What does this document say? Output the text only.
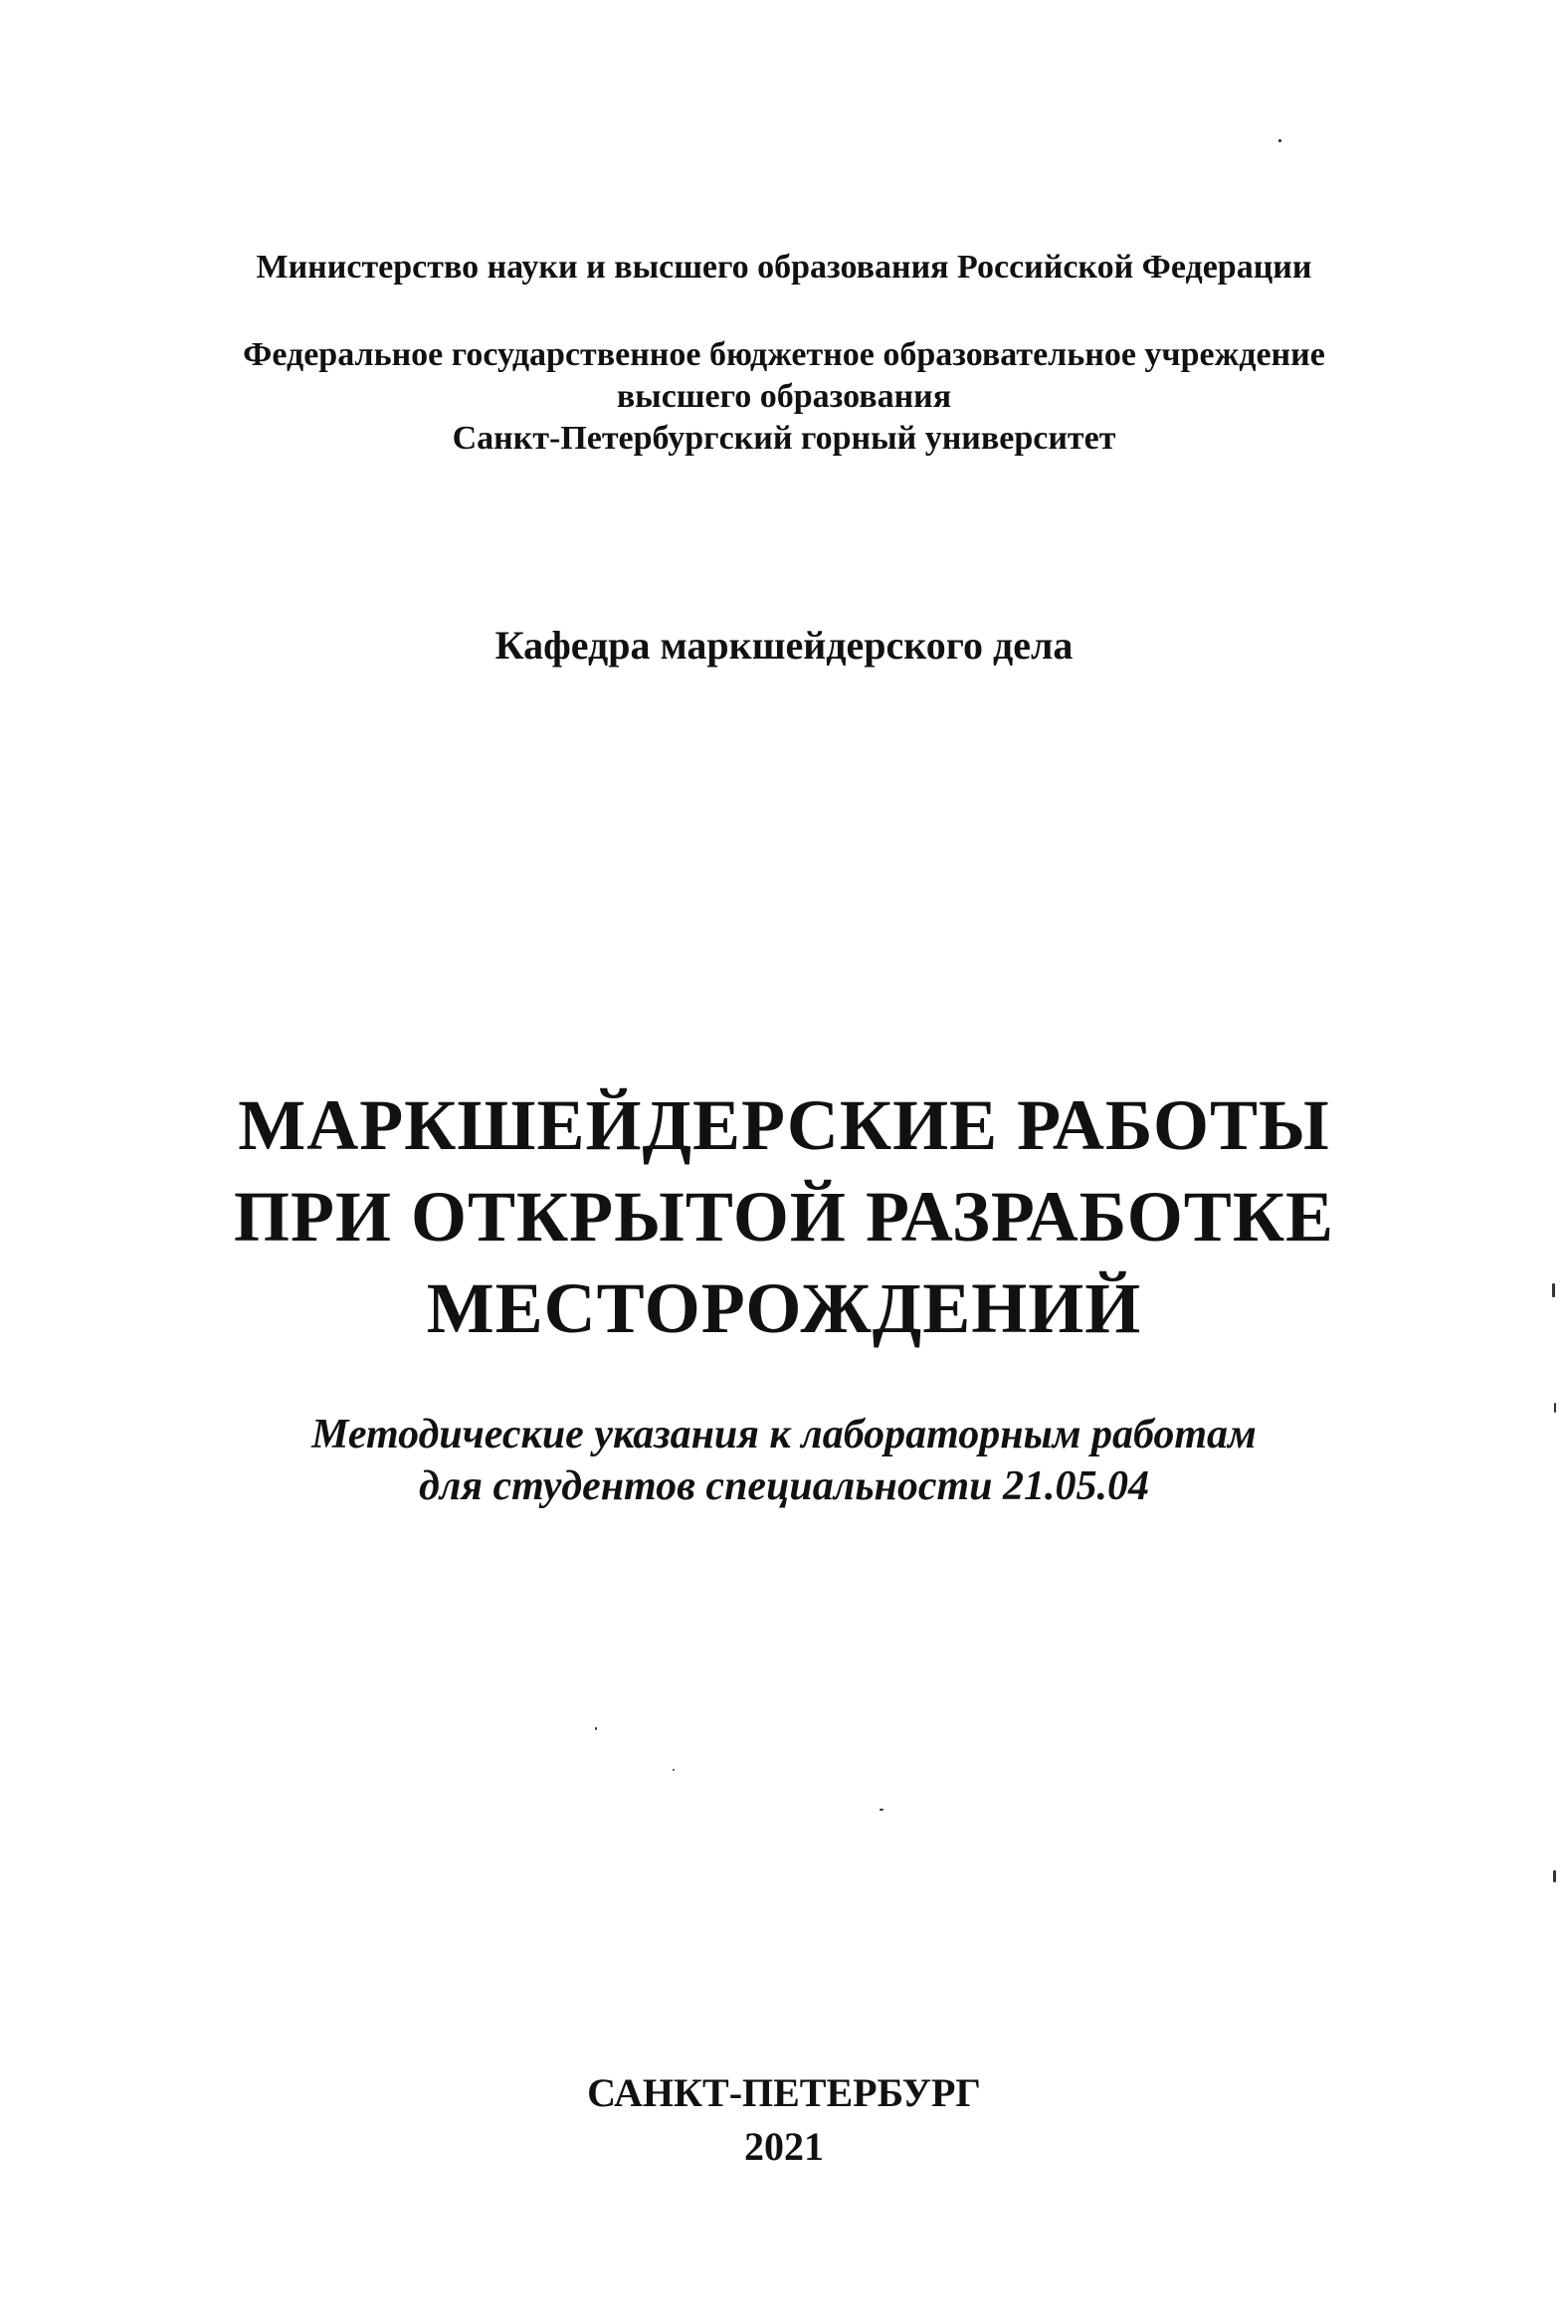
Министерство науки и высшего образования Российской Федерации
Федеральное государственное бюджетное образовательное учреждение
высшего образования
Санкт-Петербургский горный университет
Кафедра маркшейдерского дела
МАРКШЕЙДЕРСКИЕ РАБОТЫ
ПРИ ОТКРЫТОЙ РАЗРАБОТКЕ
МЕСТОРОЖДЕНИЙ
Методические указания к лабораторным работам
для студентов специальности 21.05.04
САНКТ-ПЕТЕРБУРГ
2021
